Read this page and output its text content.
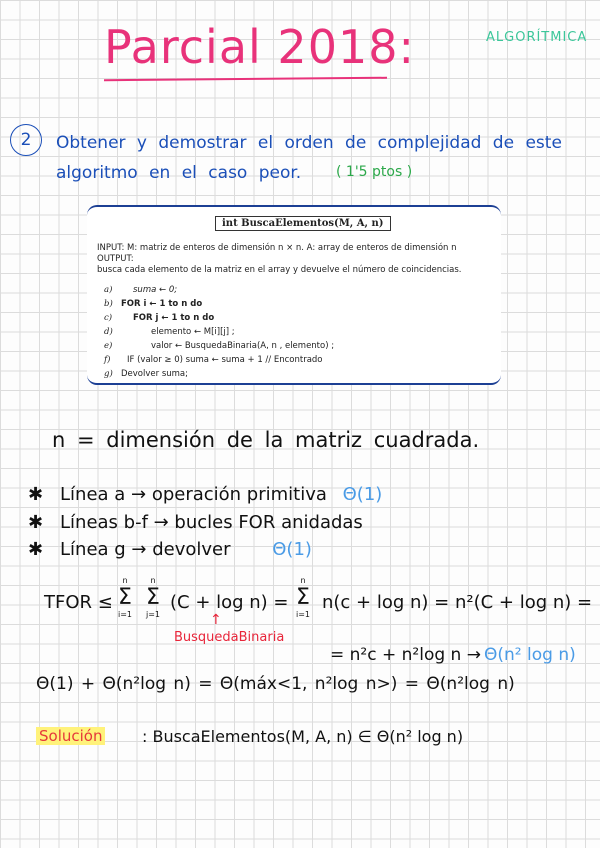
Parcial 2018:	ALGORÍTMICA
2	Obtener y demostrar el orden de complejidad de este
algoritmo en el caso peor. ( 1'5 ptos )
int BuscaElementos(M, A, n)
INPUT: M: matriz de enteros de dimensión n × n. A: array de enteros de dimensión n
OUTPUT:
busca cada elemento de la matriz en el array y devuelve el número de coincidencias.
a) suma ← 0;
b) FOR i ← 1 to n do
c) FOR j ← 1 to n do
d)	elemento ← M[i][j] ;
e)	valor ← BusquedaBinaria(A, n , elemento) ;
f) IF (valor ≥ 0) suma ← suma + 1 // Encontrado
g) Devolver suma;
n = dimensión de la matriz cuadrada.
✱ Línea a → operación primitiva Θ(1)
✱ Líneas b-f → bucles FOR anidadas
✱ Línea g → devolver Θ(1)
TFOR ≤
n
Σ
i=1
n
Σ
j=1
(C + log n) =
n
Σ
i=1
n(c + log n) = n²(C + log n) =
↑
BusquedaBinaria
= n²c + n²log n → Θ(n² log n)
Θ(1) + Θ(n²log n) = Θ(máx<1, n²log n>) = Θ(n²log n)
Solución : BuscaElementos(M, A, n) ∈ Θ(n² log n)
